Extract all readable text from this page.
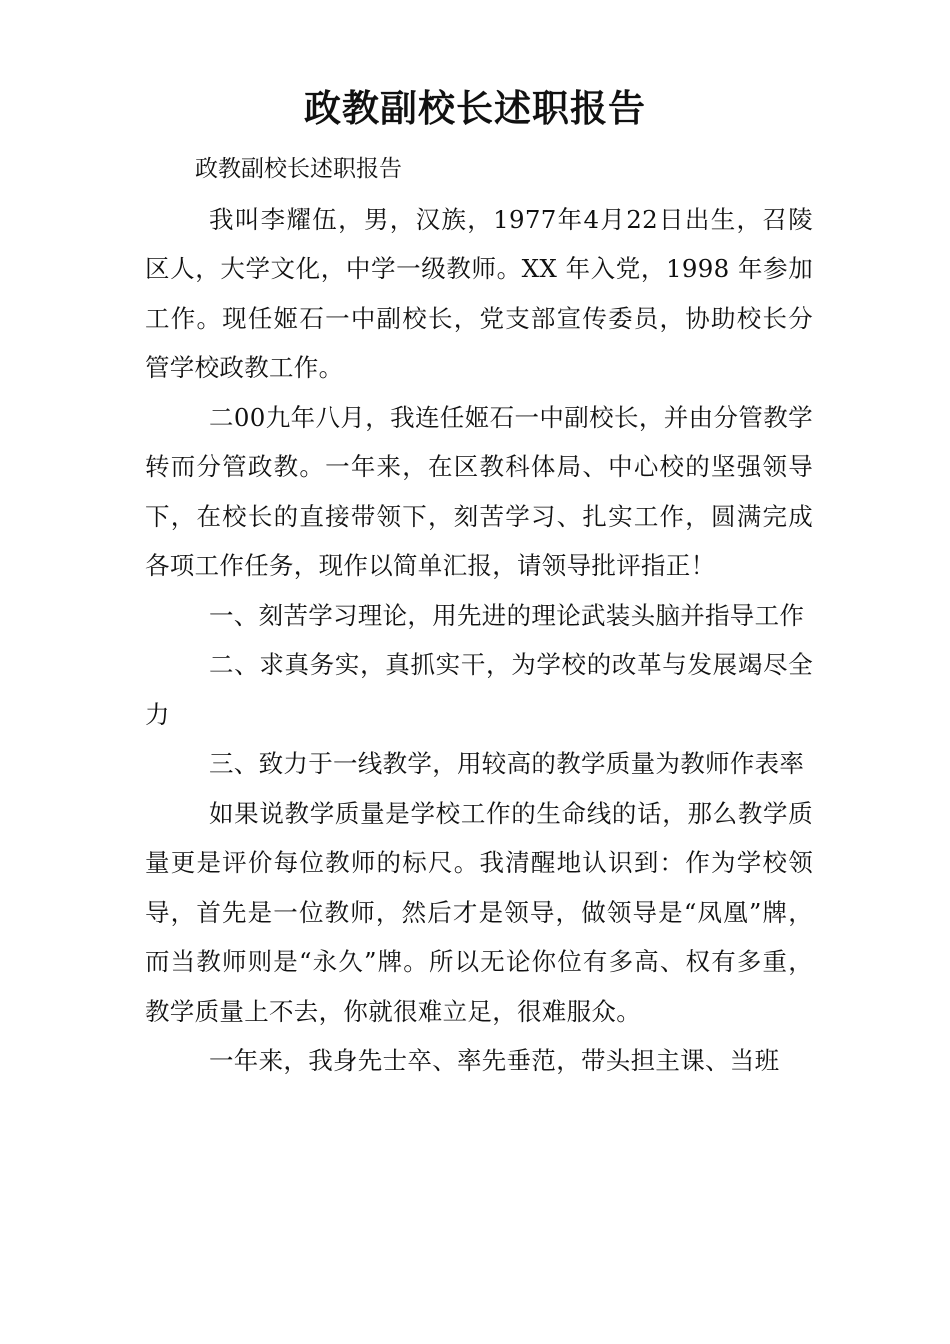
政教副校长述职报告

政教副校长述职报告

我叫李耀伍，男，汉族，1977年4月22日出生，召陵区人，大学文化，中学一级教师。XX 年入党，1998 年参加工作。现任姬石一中副校长，党支部宣传委员，协助校长分管学校政教工作。

二00九年八月，我连任姬石一中副校长，并由分管教学转而分管政教。一年来，在区教科体局、中心校的坚强领导下，在校长的直接带领下，刻苦学习、扎实工作，圆满完成各项工作任务，现作以简单汇报，请领导批评指正！

一、刻苦学习理论，用先进的理论武装头脑并指导工作

二、求真务实，真抓实干，为学校的改革与发展竭尽全力

三、致力于一线教学，用较高的教学质量为教师作表率

如果说教学质量是学校工作的生命线的话，那么教学质量更是评价每位教师的标尺。我清醒地认识到：作为学校领导，首先是一位教师，然后才是领导，做领导是“凤凰”牌，而当教师则是“永久”牌。所以无论你位有多高、权有多重，教学质量上不去，你就很难立足，很难服众。

一年来，我身先士卒、率先垂范，带头担主课、当班
